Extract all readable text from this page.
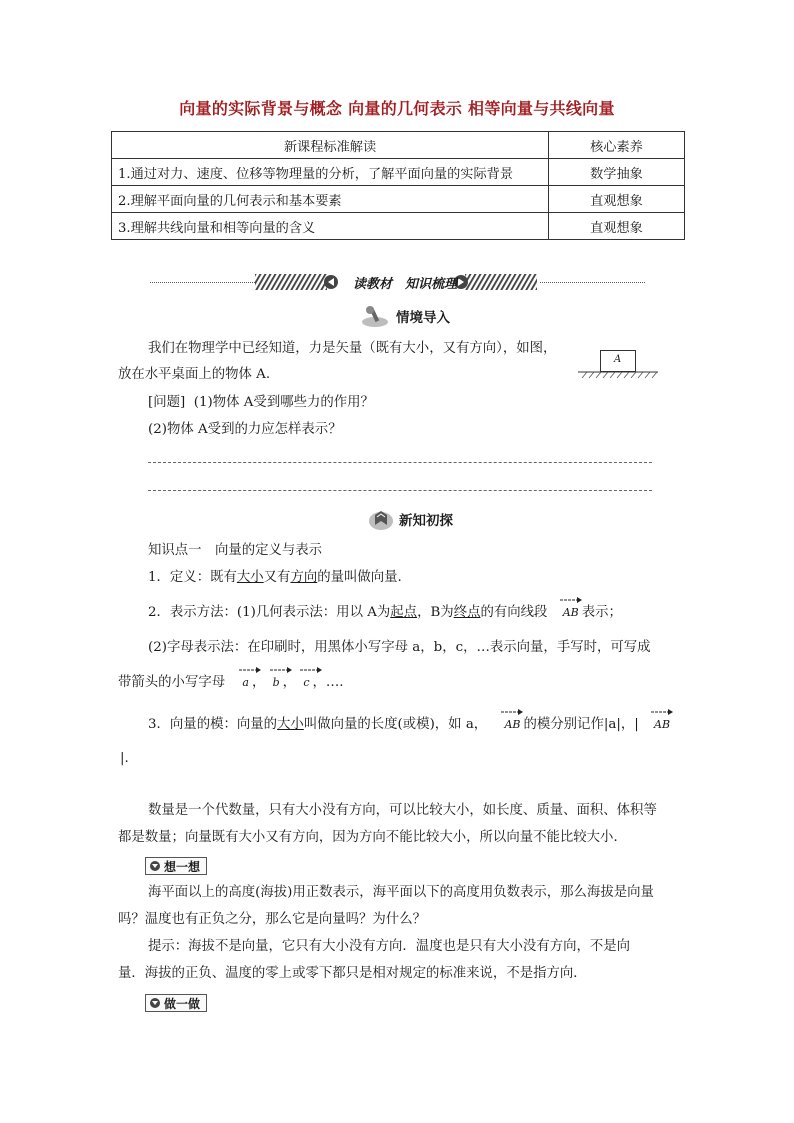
向量的实际背景与概念 向量的几何表示 相等向量与共线向量
新课程标准解读	核心素养
1.通过对力、速度、位移等物理量的分析，了解平面向量的实际背景	数学抽象
2.理解平面向量的几何表示和基本要素	直观想象
3.理解共线向量和相等向量的含义	直观想象
读教材 知识梳理
情境导入
我们在物理学中已经知道，力是矢量（既有大小，又有方向），如图，
放在水平桌面上的物体 A.
A
[问题] (1)物体 A受到哪些力的作用？
(2)物体 A受到的力应怎样表示？
新知初探
知识点一　向量的定义与表示
1．定义：既有大小又有方向的量叫做向量.
2．表示方法：(1)几何表示法：用以 A为起点，B为终点的有向线段 AB 表示；
(2)字母表示法：在印刷时，用黑体小写字母 a，b，c，…表示向量，手写时，可写成
带箭头的小写字母 a ，
b ，
c ，….
3．向量的模：向量的大小叫做向量的长度(或模)，如 a， AB 的模分别记作|a|，| AB
|.
数量是一个代数量，只有大小没有方向，可以比较大小，如长度、质量、面积、体积等
都是数量；向量既有大小又有方向，因为方向不能比较大小，所以向量不能比较大小．
想一想
海平面以上的高度(海拔)用正数表示，海平面以下的高度用负数表示，那么海拔是向量
吗？温度也有正负之分，那么它是向量吗？为什么？
提示：海拔不是向量，它只有大小没有方向．温度也是只有大小没有方向，不是向
量．海拔的正负、温度的零上或零下都只是相对规定的标准来说，不是指方向．
做一做
